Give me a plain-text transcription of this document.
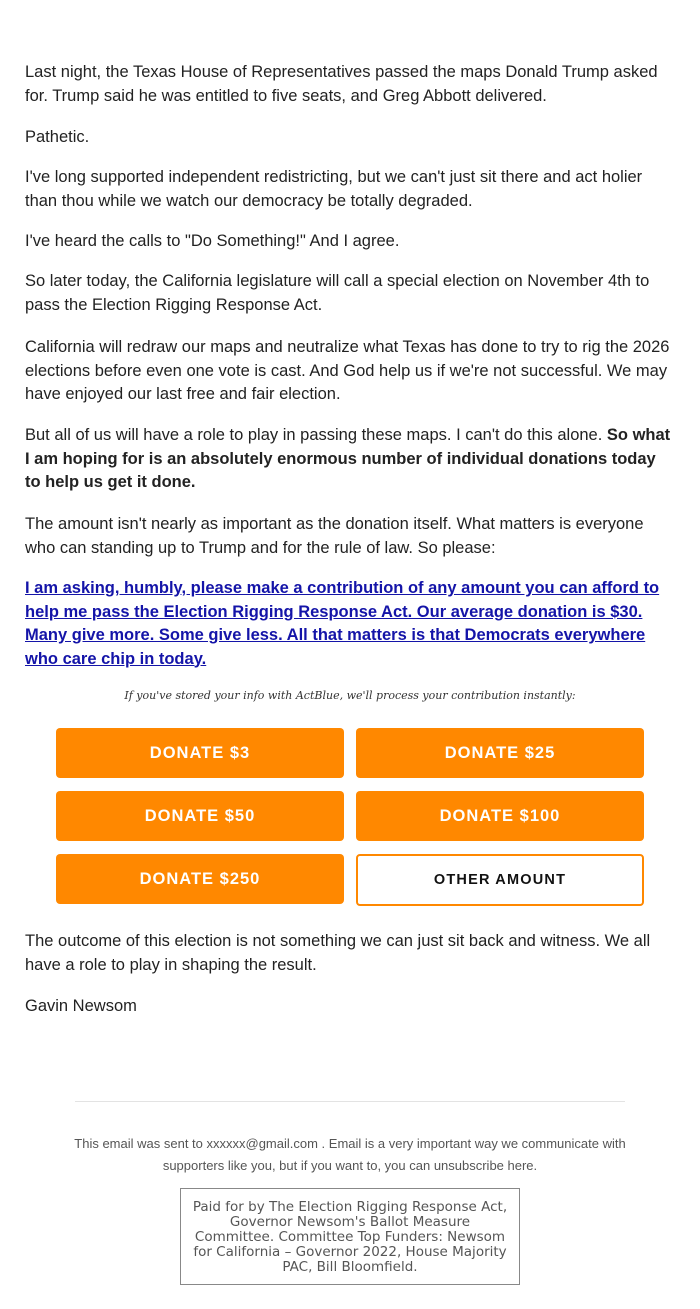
Last night, the Texas House of Representatives passed the maps Donald Trump asked for. Trump said he was entitled to five seats, and Greg Abbott delivered.

Pathetic.

I've long supported independent redistricting, but we can't just sit there and act holier than thou while we watch our democracy be totally degraded.

I've heard the calls to "Do Something!" And I agree.

So later today, the California legislature will call a special election on November 4th to pass the Election Rigging Response Act.

California will redraw our maps and neutralize what Texas has done to try to rig the 2026 elections before even one vote is cast. And God help us if we're not successful. We may have enjoyed our last free and fair election.

But all of us will have a role to play in passing these maps. I can't do this alone. So what I am hoping for is an absolutely enormous number of individual donations today to help us get it done.

The amount isn't nearly as important as the donation itself. What matters is everyone who can standing up to Trump and for the rule of law. So please:

I am asking, humbly, please make a contribution of any amount you can afford to help me pass the Election Rigging Response Act. Our average donation is $30. Many give more. Some give less. All that matters is that Democrats everywhere who care chip in today.

If you've stored your info with ActBlue, we'll process your contribution instantly:
DONATE $3	DONATE $25
DONATE $50	DONATE $100
DONATE $250	OTHER AMOUNT

The outcome of this election is not something we can just sit back and witness. We all have a role to play in shaping the result.

Gavin Newsom

This email was sent to xxxxxx@gmail.com . Email is a very important way we communicate with supporters like you, but if you want to, you can unsubscribe here.
Paid for by The Election Rigging Response Act, Governor Newsom's Ballot Measure Committee. Committee Top Funders: Newsom for California – Governor 2022, House Majority PAC, Bill Bloomfield.
